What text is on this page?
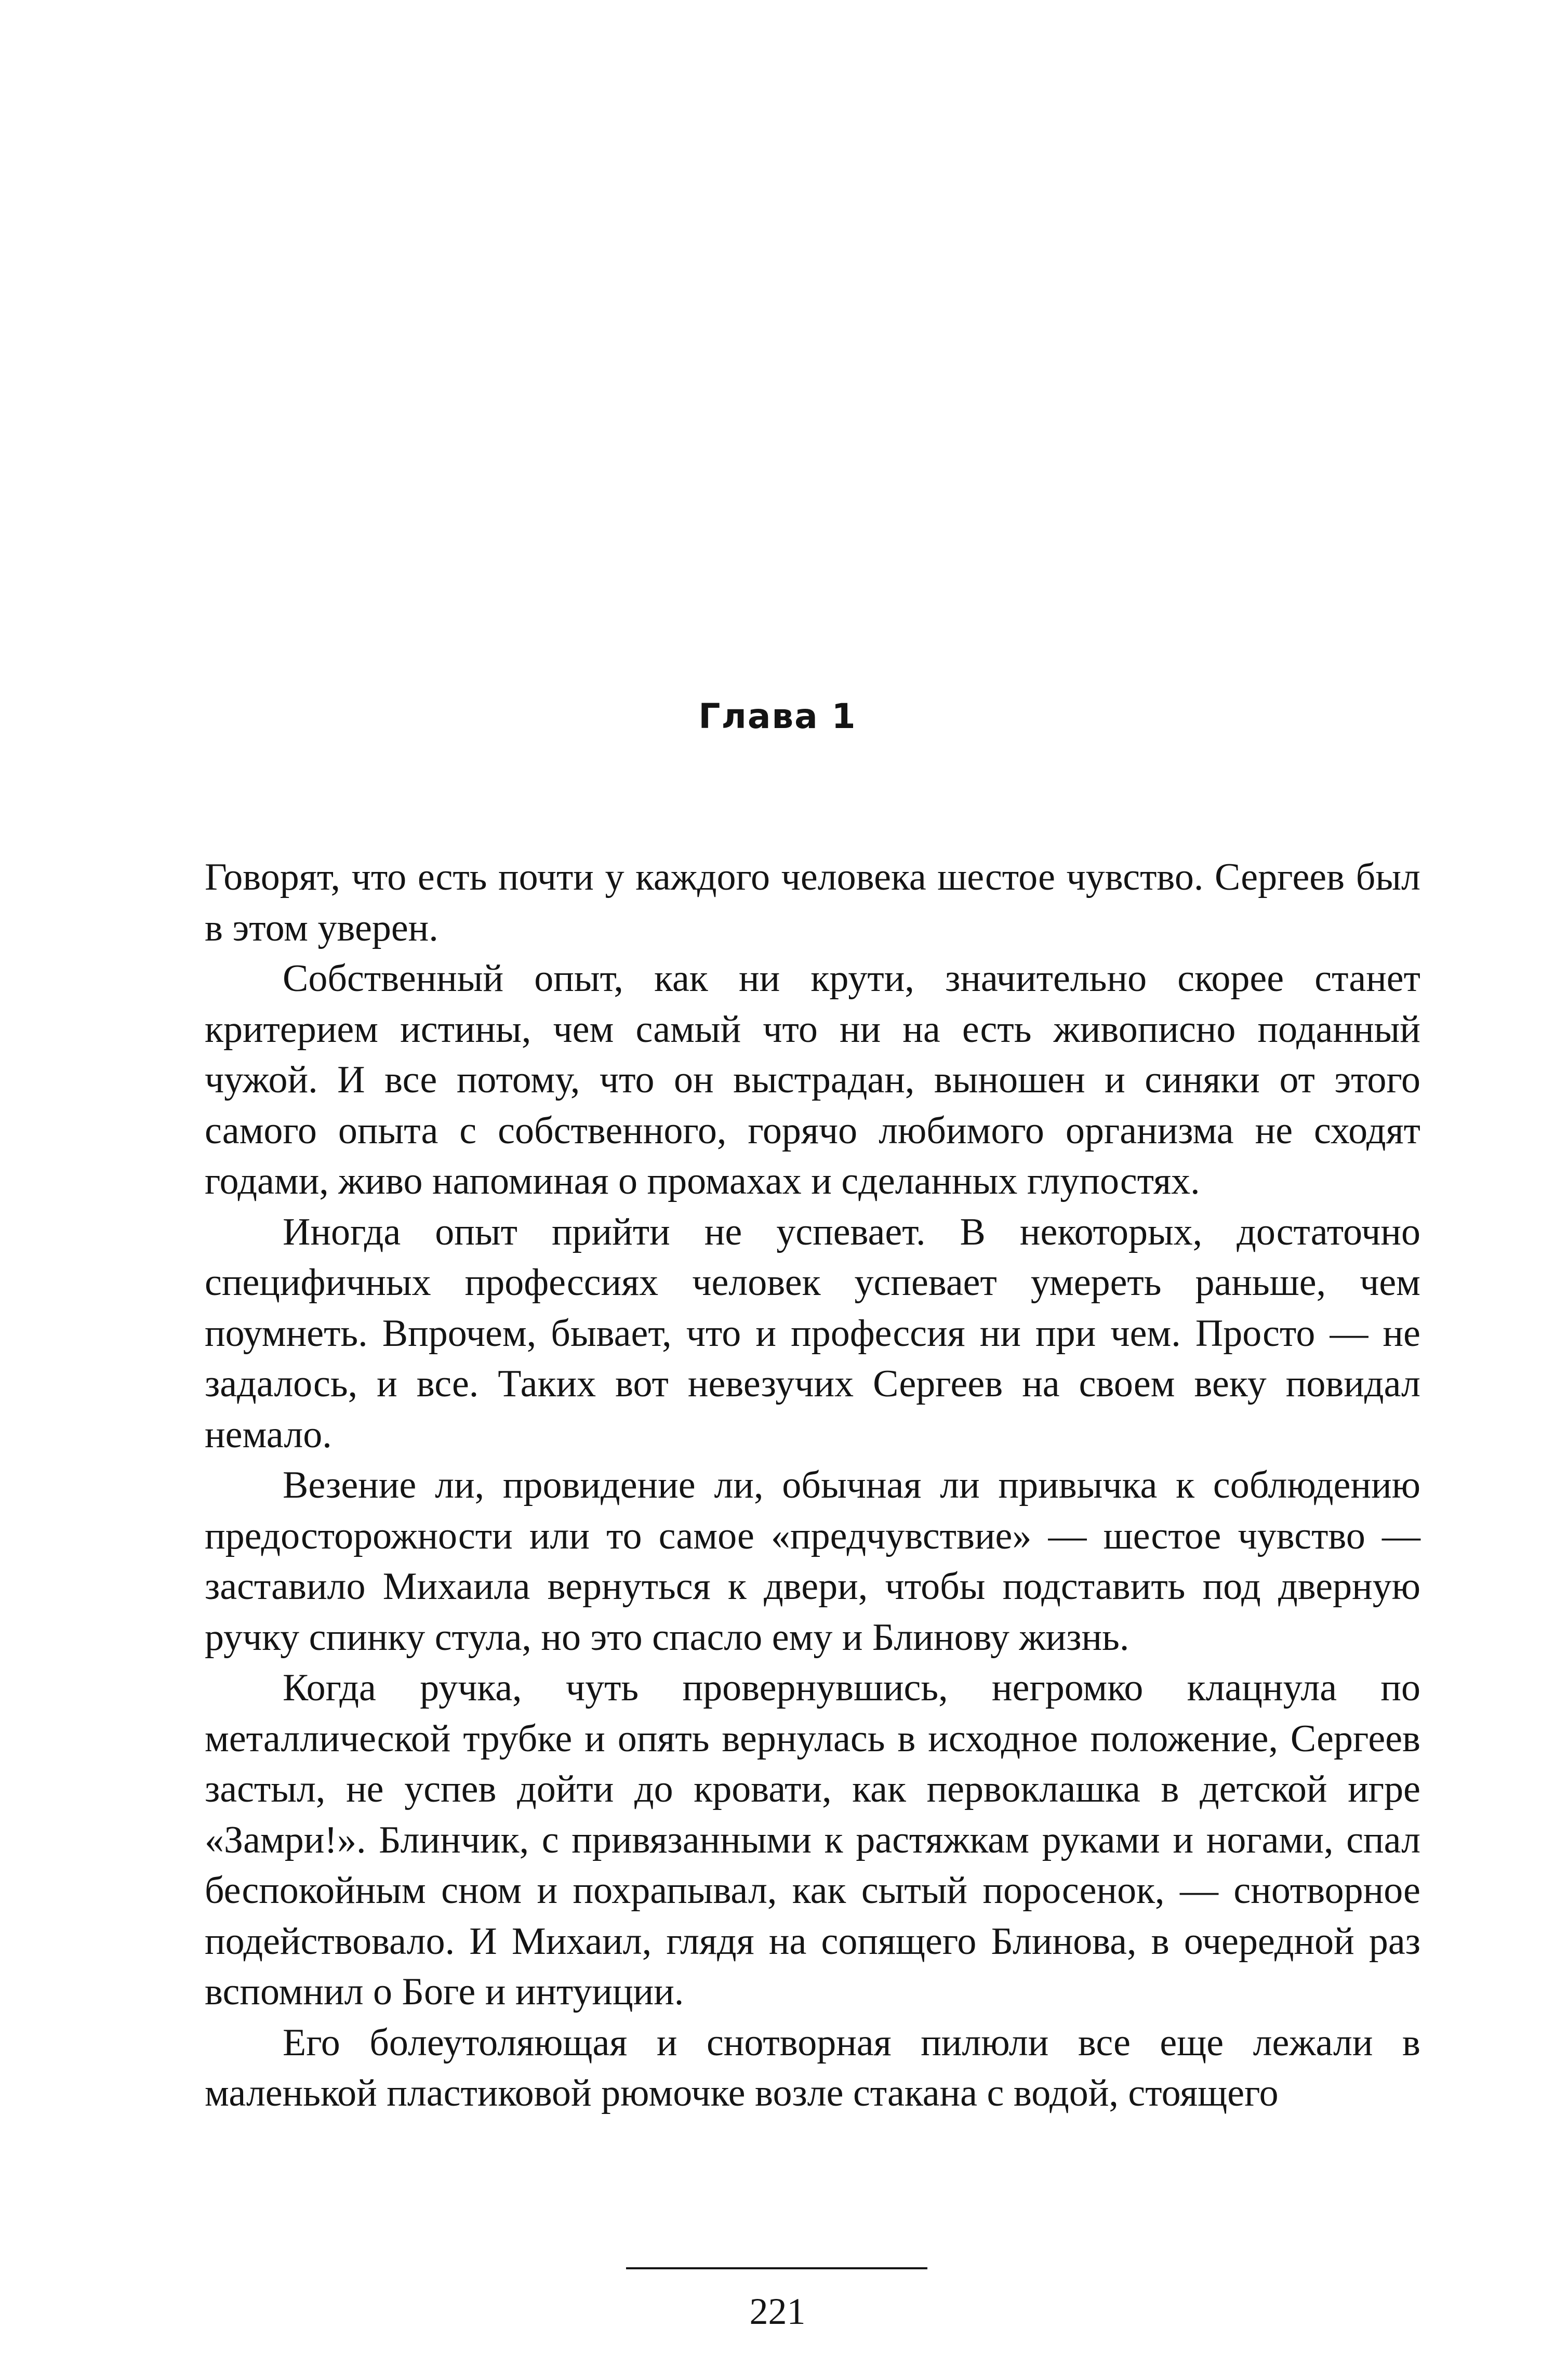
Глава 1

Говорят, что есть почти у каждого человека шестое чувство. Сергеев был в этом уверен.

Собственный опыт, как ни крути, значительно скорее станет критерием истины, чем самый что ни на есть живописно поданный чужой. И все потому, что он выстрадан, выношен и синяки от этого самого опыта с собственного, горячо любимого организма не сходят годами, живо напоминая о промахах и сделанных глупостях.

Иногда опыт прийти не успевает. В некоторых, достаточно специфичных профессиях человек успевает умереть раньше, чем поумнеть. Впрочем, бывает, что и профессия ни при чем. Просто — не задалось, и все. Таких вот невезучих Сергеев на своем веку повидал немало.

Везение ли, провидение ли, обычная ли привычка к соблюдению предосторожности или то самое «предчувствие» — шестое чувство — заставило Михаила вернуться к двери, чтобы подставить под дверную ручку спинку стула, но это спасло ему и Блинову жизнь.

Когда ручка, чуть провернувшись, негромко клацнула по металлической трубке и опять вернулась в исходное положение, Сергеев застыл, не успев дойти до кровати, как первоклашка в детской игре «Замри!». Блинчик, с привязанными к растяжкам руками и ногами, спал беспокойным сном и похрапывал, как сытый поросенок, — снотворное подействовало. И Михаил, глядя на сопящего Блинова, в очередной раз вспомнил о Боге и интуиции.

Его болеутоляющая и снотворная пилюли все еще лежали в маленькой пластиковой рюмочке возле стакана с водой, стоящего

221
